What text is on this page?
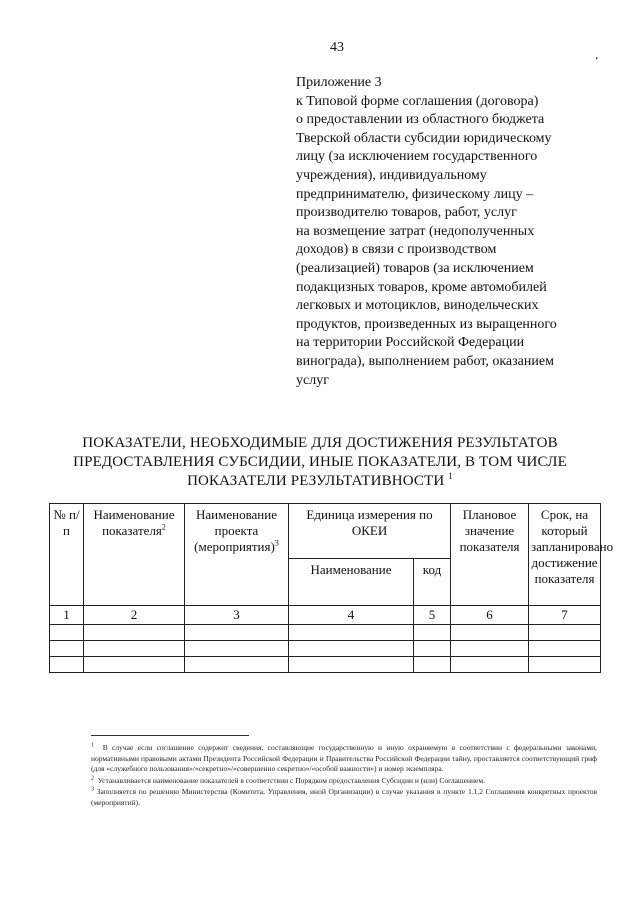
43
.
Приложение 3
к Типовой форме соглашения (договора)
о предоставлении из областного бюджета
Тверской области субсидии юридическому
лицу (за исключением государственного
учреждения), индивидуальному
предпринимателю, физическому лицу –
производителю товаров, работ, услуг
на возмещение затрат (недополученных
доходов) в связи с производством
(реализацией) товаров (за исключением
подакцизных товаров, кроме автомобилей
легковых и мотоциклов, винодельческих
продуктов, произведенных из выращенного
на территории Российской Федерации
винограда), выполнением работ, оказанием
услуг
ПОКАЗАТЕЛИ, НЕОБХОДИМЫЕ ДЛЯ ДОСТИЖЕНИЯ РЕЗУЛЬТАТОВ
ПРЕДОСТАВЛЕНИЯ СУБСИДИИ, ИНЫЕ ПОКАЗАТЕЛИ, В ТОМ ЧИСЛЕ
ПОКАЗАТЕЛИ РЕЗУЛЬТАТИВНОСТИ $^1$
№ п/п	Наименование показателя$^2$	Наименование проекта (мероприятия)$^3$	Единица измерения по ОКЕИ		Плановое значение показателя	Срок, на который запланировано достижение показателя
			Наименование	код		
1	2	3	4	5	6	7

$^1$ В случае если соглашение содержит сведения, составляющие государственную и иную охраняемую в соответствии с федеральными законами, нормативными правовыми актами Президента Российской Федерации и Правительства Российской Федерации тайну, проставляется соответствующий гриф (для «служебного пользования»/«секретно»/«совершенно секретно»/«особой важности») и номер экземпляра.

$^2$ Устанавливается наименование показателей в соответствии с Порядком предоставления Субсидии и (или) Соглашением.

$^3$ Заполняется по решению Министерства (Комитета, Управления, иной Организации) в случае указания в пункте 1.1.2 Соглашения конкретных проектов (мероприятий).
